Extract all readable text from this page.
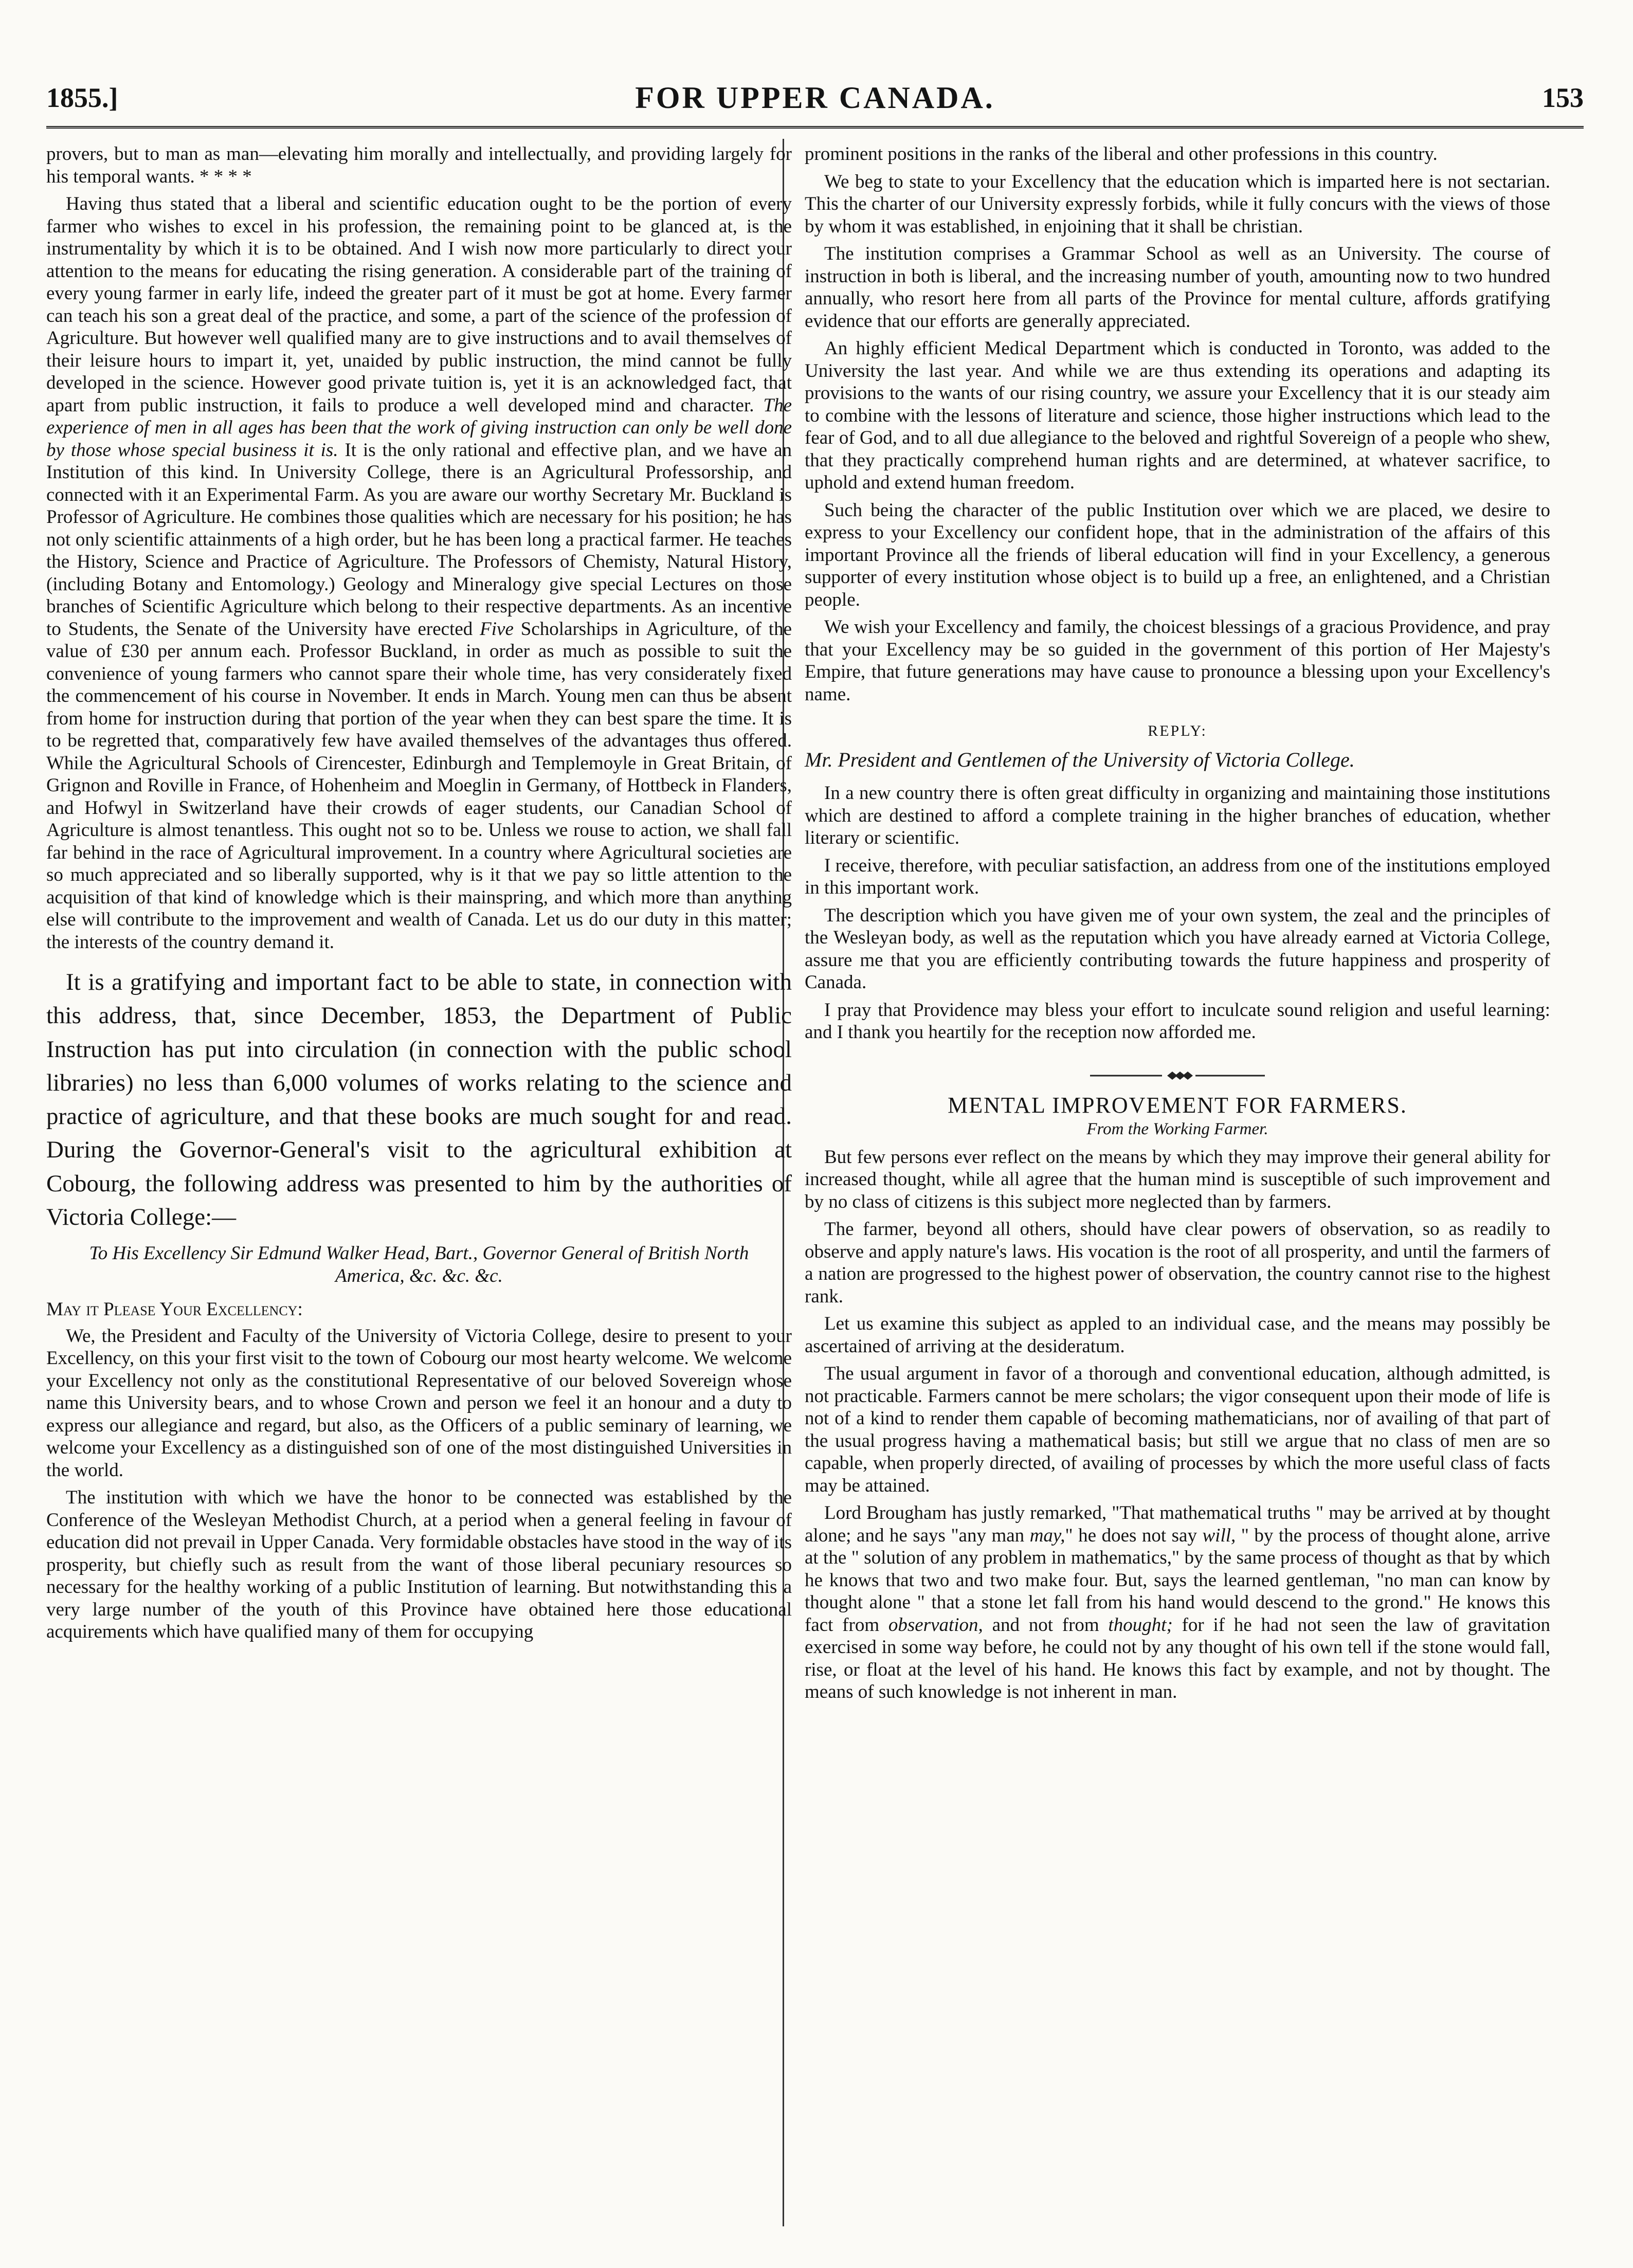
FOR UPPER CANADA.
1855.]	153

provers, but to man as man—elevating him morally and intellectually, and providing largely for his temporal wants. * * * *

Having thus stated that a liberal and scientific education ought to be the portion of every farmer who wishes to excel in his profession, the remaining point to be glanced at, is the instrumentality by which it is to be obtained. And I wish now more particularly to direct your attention to the means for educating the rising generation. A considerable part of the training of every young farmer in early life, indeed the greater part of it must be got at home. Every farmer can teach his son a great deal of the practice, and some, a part of the science of the profession of Agriculture. But however well qualified many are to give instructions and to avail themselves of their leisure hours to impart it, yet, unaided by public instruction, the mind cannot be fully developed in the science. However good private tuition is, yet it is an acknowledged fact, that apart from public instruction, it fails to produce a well developed mind and character. The experience of men in all ages has been that the work of giving instruction can only be well done by those whose special business it is. It is the only rational and effective plan, and we have an Institution of this kind. In University College, there is an Agricultural Professorship, and connected with it an Experimental Farm. As you are aware our worthy Secretary Mr. Buckland is Professor of Agriculture. He combines those qualities which are necessary for his position; he has not only scientific attainments of a high order, but he has been long a practical farmer. He teaches the History, Science and Practice of Agriculture. The Professors of Chemisty, Natural History, (including Botany and Entomology.) Geology and Mineralogy give special Lectures on those branches of Scientific Agriculture which belong to their respective departments. As an incentive to Students, the Senate of the University have erected Five Scholarships in Agriculture, of the value of £30 per annum each. Professor Buckland, in order as much as possible to suit the convenience of young farmers who cannot spare their whole time, has very considerately fixed the commencement of his course in November. It ends in March. Young men can thus be absent from home for instruction during that portion of the year when they can best spare the time. It is to be regretted that, comparatively few have availed themselves of the advantages thus offered. While the Agricultural Schools of Cirencester, Edinburgh and Templemoyle in Great Britain, of Grignon and Roville in France, of Hohenheim and Moeglin in Germany, of Hottbeck in Flanders, and Hofwyl in Switzerland have their crowds of eager students, our Canadian School of Agriculture is almost tenantless. This ought not so to be. Unless we rouse to action, we shall fall far behind in the race of Agricultural improvement. In a country where Agricultural societies are so much appreciated and so liberally supported, why is it that we pay so little attention to the acquisition of that kind of knowledge which is their mainspring, and which more than anything else will contribute to the improvement and wealth of Canada. Let us do our duty in this matter; the interests of the country demand it.

It is a gratifying and important fact to be able to state, in connection with this address, that, since December, 1853, the Department of Public Instruction has put into circulation (in connection with the public school libraries) no less than 6,000 volumes of works relating to the science and practice of agriculture, and that these books are much sought for and read. During the Governor-General's visit to the agricultural exhibition at Cobourg, the following address was presented to him by the authorities of Victoria College:—

To His Excellency Sir Edmund Walker Head, Bart., Governor General of British North America, &c. &c. &c.

May it Please Your Excellency:

We, the President and Faculty of the University of Victoria College, desire to present to your Excellency, on this your first visit to the town of Cobourg our most hearty welcome. We welcome your Excellency not only as the constitutional Representative of our beloved Sovereign whose name this University bears, and to whose Crown and person we feel it an honour and a duty to express our allegiance and regard, but also, as the Officers of a public seminary of learning, we welcome your Excellency as a distinguished son of one of the most distinguished Universities in the world.

The institution with which we have the honor to be connected was established by the Conference of the Wesleyan Methodist Church, at a period when a general feeling in favour of education did not prevail in Upper Canada. Very formidable obstacles have stood in the way of its prosperity, but chiefly such as result from the want of those liberal pecuniary resources so necessary for the healthy working of a public Institution of learning. But notwithstanding this a very large number of the youth of this Province have obtained here those educational acquirements which have qualified many of them for occupying

prominent positions in the ranks of the liberal and other professions in this country.

We beg to state to your Excellency that the education which is imparted here is not sectarian. This the charter of our University expressly forbids, while it fully concurs with the views of those by whom it was established, in enjoining that it shall be christian.

The institution comprises a Grammar School as well as an University. The course of instruction in both is liberal, and the increasing number of youth, amounting now to two hundred annually, who resort here from all parts of the Province for mental culture, affords gratifying evidence that our efforts are generally appreciated.

An highly efficient Medical Department which is conducted in Toronto, was added to the University the last year. And while we are thus extending its operations and adapting its provisions to the wants of our rising country, we assure your Excellency that it is our steady aim to combine with the lessons of literature and science, those higher instructions which lead to the fear of God, and to all due allegiance to the beloved and rightful Sovereign of a people who shew, that they practically comprehend human rights and are determined, at whatever sacrifice, to uphold and extend human freedom.

Such being the character of the public Institution over which we are placed, we desire to express to your Excellency our confident hope, that in the administration of the affairs of this important Province all the friends of liberal education will find in your Excellency, a generous supporter of every institution whose object is to build up a free, an enlightened, and a Christian people.

We wish your Excellency and family, the choicest blessings of a gracious Providence, and pray that your Excellency may be so guided in the government of this portion of Her Majesty's Empire, that future generations may have cause to pronounce a blessing upon your Excellency's name.

REPLY:

Mr. President and Gentlemen of the University of Victoria College.

In a new country there is often great difficulty in organizing and maintaining those institutions which are destined to afford a complete training in the higher branches of education, whether literary or scientific.

I receive, therefore, with peculiar satisfaction, an address from one of the institutions employed in this important work.

The description which you have given me of your own system, the zeal and the principles of the Wesleyan body, as well as the reputation which you have already earned at Victoria College, assure me that you are efficiently contributing towards the future happiness and prosperity of Canada.

I pray that Providence may bless your effort to inculcate sound religion and useful learning: and I thank you heartily for the reception now afforded me.

MENTAL IMPROVEMENT FOR FARMERS.

From the Working Farmer.

But few persons ever reflect on the means by which they may improve their general ability for increased thought, while all agree that the human mind is susceptible of such improvement and by no class of citizens is this subject more neglected than by farmers.

The farmer, beyond all others, should have clear powers of observation, so as readily to observe and apply nature's laws. His vocation is the root of all prosperity, and until the farmers of a nation are progressed to the highest power of observation, the country cannot rise to the highest rank.

Let us examine this subject as appled to an individual case, and the means may possibly be ascertained of arriving at the desideratum.

The usual argument in favor of a thorough and conventional education, although admitted, is not practicable. Farmers cannot be mere scholars; the vigor consequent upon their mode of life is not of a kind to render them capable of becoming mathematicians, nor of availing of that part of the usual progress having a mathematical basis; but still we argue that no class of men are so capable, when properly directed, of availing of processes by which the more useful class of facts may be attained.

Lord Brougham has justly remarked, "That mathematical truths " may be arrived at by thought alone; and he says "any man may," he does not say will, " by the process of thought alone, arrive at the " solution of any problem in mathematics," by the same process of thought as that by which he knows that two and two make four. But, says the learned gentleman, "no man can know by thought alone " that a stone let fall from his hand would descend to the grond." He knows this fact from observation, and not from thought; for if he had not seen the law of gravitation exercised in some way before, he could not by any thought of his own tell if the stone would fall, rise, or float at the level of his hand. He knows this fact by example, and not by thought. The means of such knowledge is not inherent in man.
